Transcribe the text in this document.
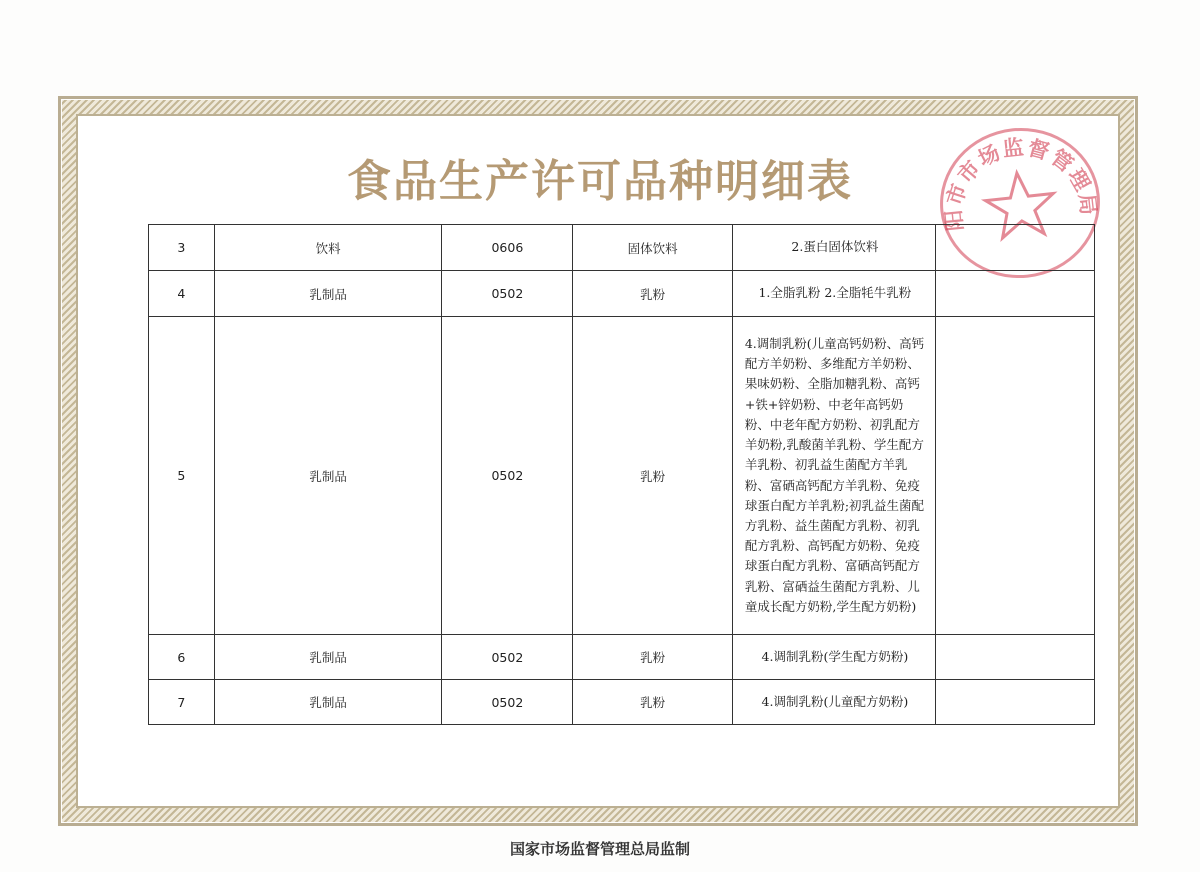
食品生产许可品种明细表
阳市市场监督管理局
3	饮料	0606	固体饮料	2.蛋白固体饮料	
4	乳制品	0502	乳粉	1.全脂乳粉 2.全脂牦牛乳粉	
5	乳制品	0502	乳粉	4.调制乳粉(儿童高钙奶粉、高钙配方羊奶粉、多维配方羊奶粉、果味奶粉、全脂加糖乳粉、高钙+铁+锌奶粉、中老年高钙奶粉、中老年配方奶粉、初乳配方羊奶粉,乳酸菌羊乳粉、学生配方羊乳粉、初乳益生菌配方羊乳粉、富硒高钙配方羊乳粉、免疫球蛋白配方羊乳粉;初乳益生菌配方乳粉、益生菌配方乳粉、初乳配方乳粉、高钙配方奶粉、免疫球蛋白配方乳粉、富硒高钙配方乳粉、富硒益生菌配方乳粉、儿童成长配方奶粉,学生配方奶粉)	
6	乳制品	0502	乳粉	4.调制乳粉(学生配方奶粉)	
7	乳制品	0502	乳粉	4.调制乳粉(儿童配方奶粉)	
国家市场监督管理总局监制
